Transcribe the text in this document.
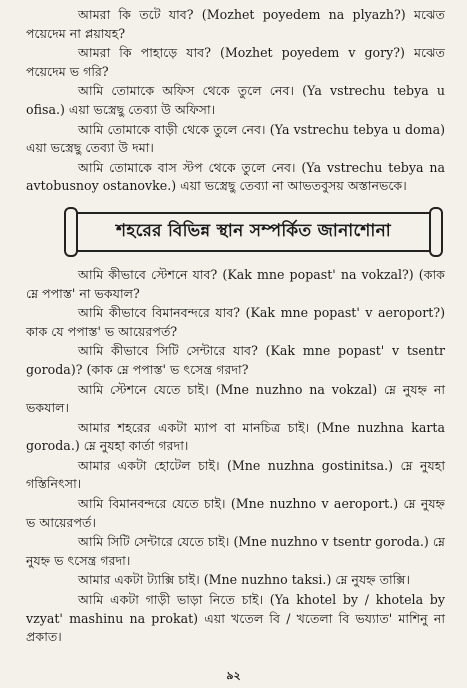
আমরা কি তটে যাব? (Mozhet poyedem na plyazh?) মঝেত পয়েদেম না প্লয়াযহ?

আমরা কি পাহাড়ে যাব? (Mozhet poyedem v gory?) মঝেত পয়েদেম ভ গরি?

আমি তোমাকে অফিস থেকে তুলে নেব। (Ya vstrechu tebya u ofisa.) এয়া ভস্ত্রেছু তেব্যা উ অফিসা।

আমি তোমাকে বাড়ী থেকে তুলে নেব। (Ya vstrechu tebya u doma) এয়া ভস্ত্রেছু তেব্যা উ দমা।

আমি তোমাকে বাস স্টপ থেকে তুলে নেব। (Ya vstrechu tebya na avtobusnoy ostanovke.) এয়া ভস্ত্রেছু তেব্যা না আভতবুসয় অস্তানভকে।

শহরের বিভিন্ন স্থান সম্পর্কিত জানাশোনা

আমি কীভাবে স্টেশনে যাব? (Kak mne popast' na vokzal?) (কাক ম্নে পপাস্ত' না ভকযাল?

আমি কীভাবে বিমানবন্দরে যাব? (Kak mne popast' v aeroport?) কাক যে পপাস্ত' ভ আয়েরপর্ত?

আমি কীভাবে সিটি সেন্টারে যাব? (Kak mne popast' v tsentr goroda)? (কাক ম্নে পপাস্ত' ভ ৎসেন্ত্র গরদা?

আমি স্টেশনে যেতে চাই। (Mne nuzhno na vokzal) ম্নে নুযহ্ন না ভকযাল।

আমার শহরের একটা ম্যাপ বা মানচিত্র চাই। (Mne nuzhna karta goroda.) ম্নে নুযহা কার্তা গরদা।

আমার একটা হোটেল চাই। (Mne nuzhna gostinitsa.) ম্নে নুযহা গস্তিনিৎসা।

আমি বিমানবন্দরে যেতে চাই। (Mne nuzhno v aeroport.) ম্নে নুযহ্ন ভ আয়েরপর্ত।

আমি সিটি সেন্টারে যেতে চাই। (Mne nuzhno v tsentr goroda.) ম্নে নুযহ্ন ভ ৎসেন্ত্র গরদা।

আমার একটা ট্যাক্সি চাই। (Mne nuzhno taksi.) ম্নে নুযহ্ন তাক্সি।

আমি একটা গাড়ী ভাড়া নিতে চাই। (Ya khotel by / khotela by vzyat' mashinu na prokat) এয়া খতেল বি / খতেলা বি ভয্যাত' মাশিনু না প্রকাত।

৯২
